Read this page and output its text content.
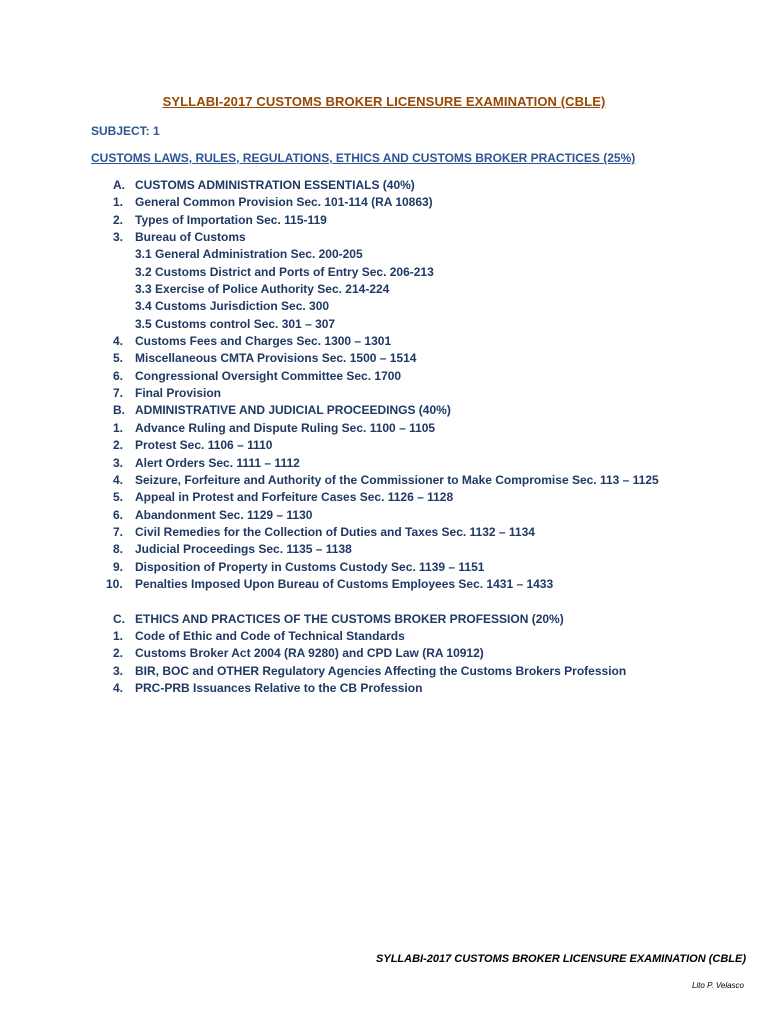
SYLLABI-2017 CUSTOMS BROKER LICENSURE EXAMINATION (CBLE)
SUBJECT: 1
CUSTOMS LAWS, RULES, REGULATIONS, ETHICS AND CUSTOMS BROKER PRACTICES (25%)
A. CUSTOMS ADMINISTRATION ESSENTIALS (40%)
1. General Common Provision Sec. 101-114 (RA 10863)
2. Types of Importation Sec. 115-119
3. Bureau of Customs
3.1 General Administration Sec. 200-205
3.2 Customs District and Ports of Entry Sec. 206-213
3.3 Exercise of Police Authority Sec. 214-224
3.4 Customs Jurisdiction Sec. 300
3.5 Customs control Sec. 301 – 307
4. Customs Fees and Charges Sec. 1300 – 1301
5. Miscellaneous CMTA Provisions Sec. 1500 – 1514
6. Congressional Oversight Committee Sec. 1700
7. Final Provision
B. ADMINISTRATIVE AND JUDICIAL PROCEEDINGS (40%)
1. Advance Ruling and Dispute Ruling Sec. 1100 – 1105
2. Protest Sec. 1106 – 1110
3. Alert Orders Sec. 1111 – 1112
4. Seizure, Forfeiture and Authority of the Commissioner to Make Compromise Sec. 113 – 1125
5. Appeal in Protest and Forfeiture Cases Sec. 1126 – 1128
6. Abandonment Sec. 1129 – 1130
7. Civil Remedies for the Collection of Duties and Taxes Sec. 1132 – 1134
8. Judicial Proceedings Sec. 1135 – 1138
9. Disposition of Property in Customs Custody Sec. 1139 – 1151
10. Penalties Imposed Upon Bureau of Customs Employees Sec. 1431 – 1433
C. ETHICS AND PRACTICES OF THE CUSTOMS BROKER PROFESSION (20%)
1. Code of Ethic and Code of Technical Standards
2. Customs Broker Act 2004 (RA 9280) and CPD Law (RA 10912)
3. BIR, BOC and OTHER Regulatory Agencies Affecting the Customs Brokers Profession
4. PRC-PRB Issuances Relative to the CB Profession
SYLLABI-2017 CUSTOMS BROKER LICENSURE EXAMINATION (CBLE)
Lito P. Velasco
